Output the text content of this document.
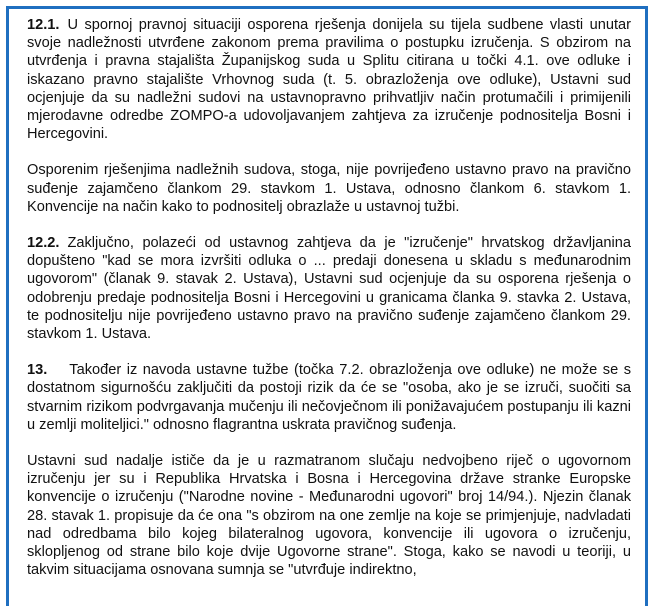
12.1. U spornoj pravnoj situaciji osporena rješenja donijela su tijela sudbene vlasti unutar svoje nadležnosti utvrđene zakonom prema pravilima o postupku izručenja. S obzirom na utvrđenja i pravna stajališta Županijskog suda u Splitu citirana u točki 4.1. ove odluke i iskazano pravno stajalište Vrhovnog suda (t. 5. obrazloženja ove odluke), Ustavni sud ocjenjuje da su nadležni sudovi na ustavnopravno prihvatljiv način protumačili i primijenili mjerodavne odredbe ZOMPO-a udovoljavanjem zahtjeva za izručenje podnositelja Bosni i Hercegovini.

Osporenim rješenjima nadležnih sudova, stoga, nije povrijeđeno ustavno pravo na pravično suđenje zajamčeno člankom 29. stavkom 1. Ustava, odnosno člankom 6. stavkom 1. Konvencije na način kako to podnositelj obrazlaže u ustavnoj tužbi.

12.2. Zaključno, polazeći od ustavnog zahtjeva da je "izručenje" hrvatskog državljanina dopušteno "kad se mora izvršiti odluka o ... predaji donesena u skladu s međunarodnim ugovorom" (članak 9. stavak 2. Ustava), Ustavni sud ocjenjuje da su osporena rješenja o odobrenju predaje podnositelja Bosni i Hercegovini u granicama članka 9. stavka 2. Ustava, te podnositelju nije povrijeđeno ustavno pravo na pravično suđenje zajamčeno člankom 29. stavkom 1. Ustava.

13. Također iz navoda ustavne tužbe (točka 7.2. obrazloženja ove odluke) ne može se s dostatnom sigurnošću zaključiti da postoji rizik da će se "osoba, ako je se izruči, suočiti sa stvarnim rizikom podvrgavanja mučenju ili nečovječnom ili ponižavajućem postupanju ili kazni u zemlji moliteljici." odnosno flagrantna uskrata pravičnog suđenja.

Ustavni sud nadalje ističe da je u razmatranom slučaju nedvojbeno riječ o ugovornom izručenju jer su i Republika Hrvatska i Bosna i Hercegovina države stranke Europske konvencije o izručenju ("Narodne novine - Međunarodni ugovori" broj 14/94.). Njezin članak 28. stavak 1. propisuje da će ona "s obzirom na one zemlje na koje se primjenjuje, nadvladati nad odredbama bilo kojeg bilateralnog ugovora, konvencije ili ugovora o izručenju, sklopljenog od strane bilo koje dvije Ugovorne strane". Stoga, kako se navodi u teoriji, u takvim situacijama osnovana sumnja se "utvrđuje indirektno,
